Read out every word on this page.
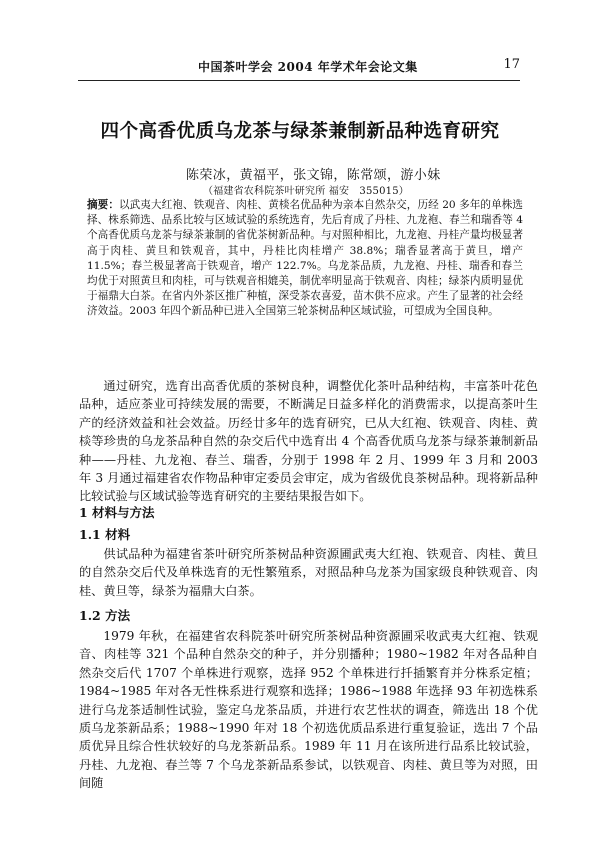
中国茶叶学会 2004 年学术年会论文集	17
四个高香优质乌龙茶与绿茶兼制新品种选育研究
陈荣冰，黄福平，张文锦，陈常颂，游小妹
（福建省农科院茶叶研究所 福安　355015）
摘要：以武夷大红袍、铁观音、肉桂、黄棪名优品种为亲本自然杂交，历经 20 多年的单株选择、株系筛选、品系比较与区域试验的系统选育，先后育成了丹桂、九龙袍、春兰和瑞香等 4 个高香优质乌龙茶与绿茶兼制的省优茶树新品种。与对照种相比，九龙袍、丹桂产量均极显著高于肉桂、黄旦和铁观音，其中，丹桂比肉桂增产 38.8%；瑞香显著高于黄旦，增产 11.5%；春兰极显著高于铁观音，增产 122.7%。乌龙茶品质，九龙袍、丹桂、瑞香和春兰均优于对照黄旦和肉桂，可与铁观音相媲美，制优率明显高于铁观音、肉桂；绿茶内质明显优于福鼎大白茶。在省内外茶区推广种植，深受茶农喜爱，苗木供不应求。产生了显著的社会经济效益。2003 年四个新品种已进入全国第三轮茶树品种区域试验，可望成为全国良种。
通过研究，选育出高香优质的茶树良种，调整优化茶叶品种结构，丰富茶叶花色品种，适应茶业可持续发展的需要，不断满足日益多样化的消费需求，以提高茶叶生产的经济效益和社会效益。历经廿多年的选育研究，已从大红袍、铁观音、肉桂、黄棪等珍贵的乌龙茶品种自然的杂交后代中选育出 4 个高香优质乌龙茶与绿茶兼制新品种——丹桂、九龙袍、春兰、瑞香，分别于 1998 年 2 月、1999 年 3 月和 2003 年 3 月通过福建省农作物品种审定委员会审定，成为省级优良茶树品种。现将新品种比较试验与区域试验等选育研究的主要结果报告如下。
1 材料与方法
1.1 材料
供试品种为福建省茶叶研究所茶树品种资源圃武夷大红袍、铁观音、肉桂、黄旦的自然杂交后代及单株选育的无性繁殖系，对照品种乌龙茶为国家级良种铁观音、肉桂、黄旦等，绿茶为福鼎大白茶。
1.2 方法
1979 年秋，在福建省农科院茶叶研究所茶树品种资源圃采收武夷大红袍、铁观音、肉桂等 321 个品种自然杂交的种子，并分别播种；1980~1982 年对各品种自然杂交后代 1707 个单株进行观察，选择 952 个单株进行扦插繁育并分株系定植；1984~1985 年对各无性株系进行观察和选择；1986~1988 年选择 93 年初选株系进行乌龙茶适制性试验，鉴定乌龙茶品质，并进行农艺性状的调查，筛选出 18 个优质乌龙茶新品系；1988~1990 年对 18 个初选优质品系进行重复验证，选出 7 个品质优异且综合性状较好的乌龙茶新品系。1989 年 11 月在该所进行品系比较试验，丹桂、九龙袍、春兰等 7 个乌龙茶新品系参试，以铁观音、肉桂、黄旦等为对照，田间随
